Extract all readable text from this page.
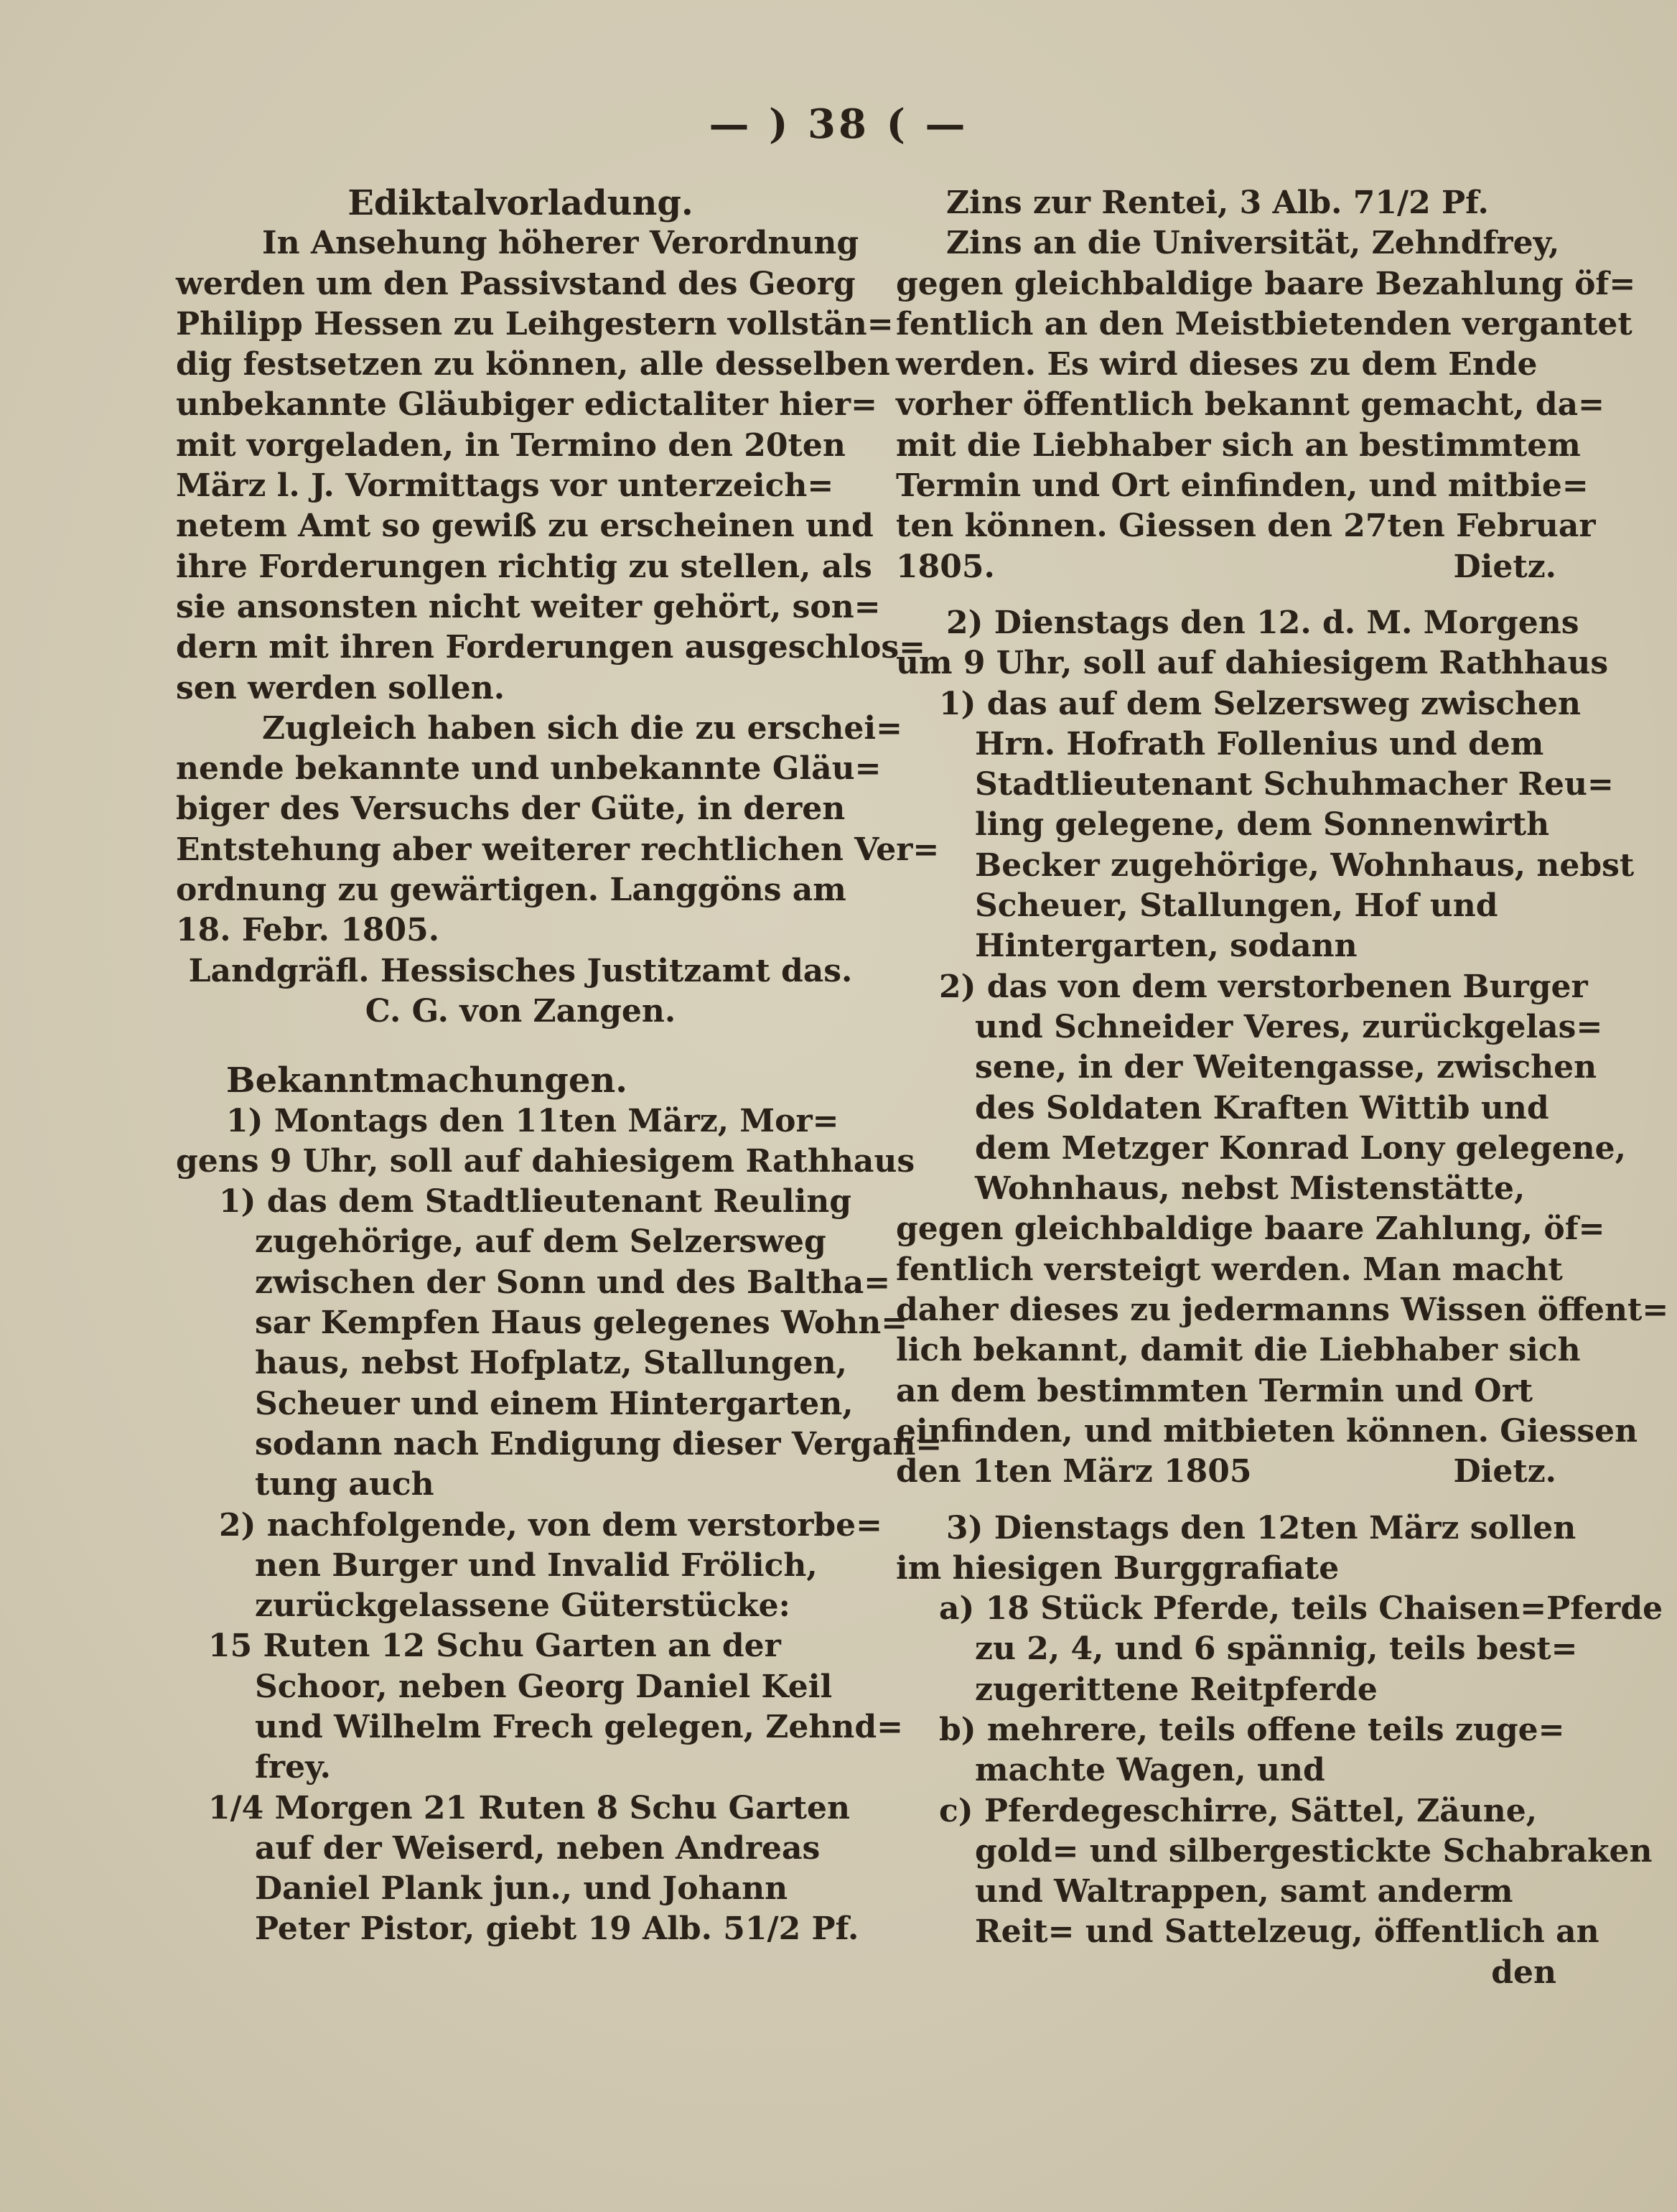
— ) 38 ( —
Ediktalvorladung.
In Ansehung höherer Verordnung
werden um den Passivstand des Georg
Philipp Hessen zu Leihgestern vollstän=
dig festsetzen zu können, alle desselben
unbekannte Gläubiger edictaliter hier=
mit vorgeladen, in Termino den 20ten
März l. J. Vormittags vor unterzeich=
netem Amt so gewiß zu erscheinen und
ihre Forderungen richtig zu stellen, als
sie ansonsten nicht weiter gehört, son=
dern mit ihren Forderungen ausgeschlos=
sen werden sollen.
Zugleich haben sich die zu erschei=
nende bekannte und unbekannte Gläu=
biger des Versuchs der Güte, in deren
Entstehung aber weiterer rechtlichen Ver=
ordnung zu gewärtigen. Langgöns am
18. Febr. 1805.
Landgräfl. Hessisches Justitzamt das.
C. G. von Zangen.
Bekanntmachungen.
1) Montags den 11ten März, Mor=
gens 9 Uhr, soll auf dahiesigem Rathhaus
1) das dem Stadtlieutenant Reuling
zugehörige, auf dem Selzersweg
zwischen der Sonn und des Baltha=
sar Kempfen Haus gelegenes Wohn=
haus, nebst Hofplatz, Stallungen,
Scheuer und einem Hintergarten,
sodann nach Endigung dieser Vergan=
tung auch
2) nachfolgende, von dem verstorbe=
nen Burger und Invalid Frölich,
zurückgelassene Güterstücke:
15 Ruten 12 Schu Garten an der
Schoor, neben Georg Daniel Keil
und Wilhelm Frech gelegen, Zehnd=
frey.
1/4 Morgen 21 Ruten 8 Schu Garten
auf der Weiserd, neben Andreas
Daniel Plank jun., und Johann
Peter Pistor, giebt 19 Alb. 51/2 Pf.
Zins zur Rentei, 3 Alb. 71/2 Pf.
Zins an die Universität, Zehndfrey,
gegen gleichbaldige baare Bezahlung öf=
fentlich an den Meistbietenden vergantet
werden. Es wird dieses zu dem Ende
vorher öffentlich bekannt gemacht, da=
mit die Liebhaber sich an bestimmtem
Termin und Ort einfinden, und mitbie=
ten können. Giessen den 27ten Februar
1805.	Dietz.
2) Dienstags den 12. d. M. Morgens
um 9 Uhr, soll auf dahiesigem Rathhaus
1) das auf dem Selzersweg zwischen
Hrn. Hofrath Follenius und dem
Stadtlieutenant Schuhmacher Reu=
ling gelegene, dem Sonnenwirth
Becker zugehörige, Wohnhaus, nebst
Scheuer, Stallungen, Hof und
Hintergarten, sodann
2) das von dem verstorbenen Burger
und Schneider Veres, zurückgelas=
sene, in der Weitengasse, zwischen
des Soldaten Kraften Wittib und
dem Metzger Konrad Lony gelegene,
Wohnhaus, nebst Mistenstätte,
gegen gleichbaldige baare Zahlung, öf=
fentlich versteigt werden. Man macht
daher dieses zu jedermanns Wissen öffent=
lich bekannt, damit die Liebhaber sich
an dem bestimmten Termin und Ort
einfinden, und mitbieten können. Giessen
den 1ten März 1805	Dietz.
3) Dienstags den 12ten März sollen
im hiesigen Burggrafiate
a) 18 Stück Pferde, teils Chaisen=Pferde
zu 2, 4, und 6 spännig, teils best=
zugerittene Reitpferde
b) mehrere, teils offene teils zuge=
machte Wagen, und
c) Pferdegeschirre, Sättel, Zäune,
gold= und silbergestickte Schabraken
und Waltrappen, samt anderm
Reit= und Sattelzeug, öffentlich an
den
